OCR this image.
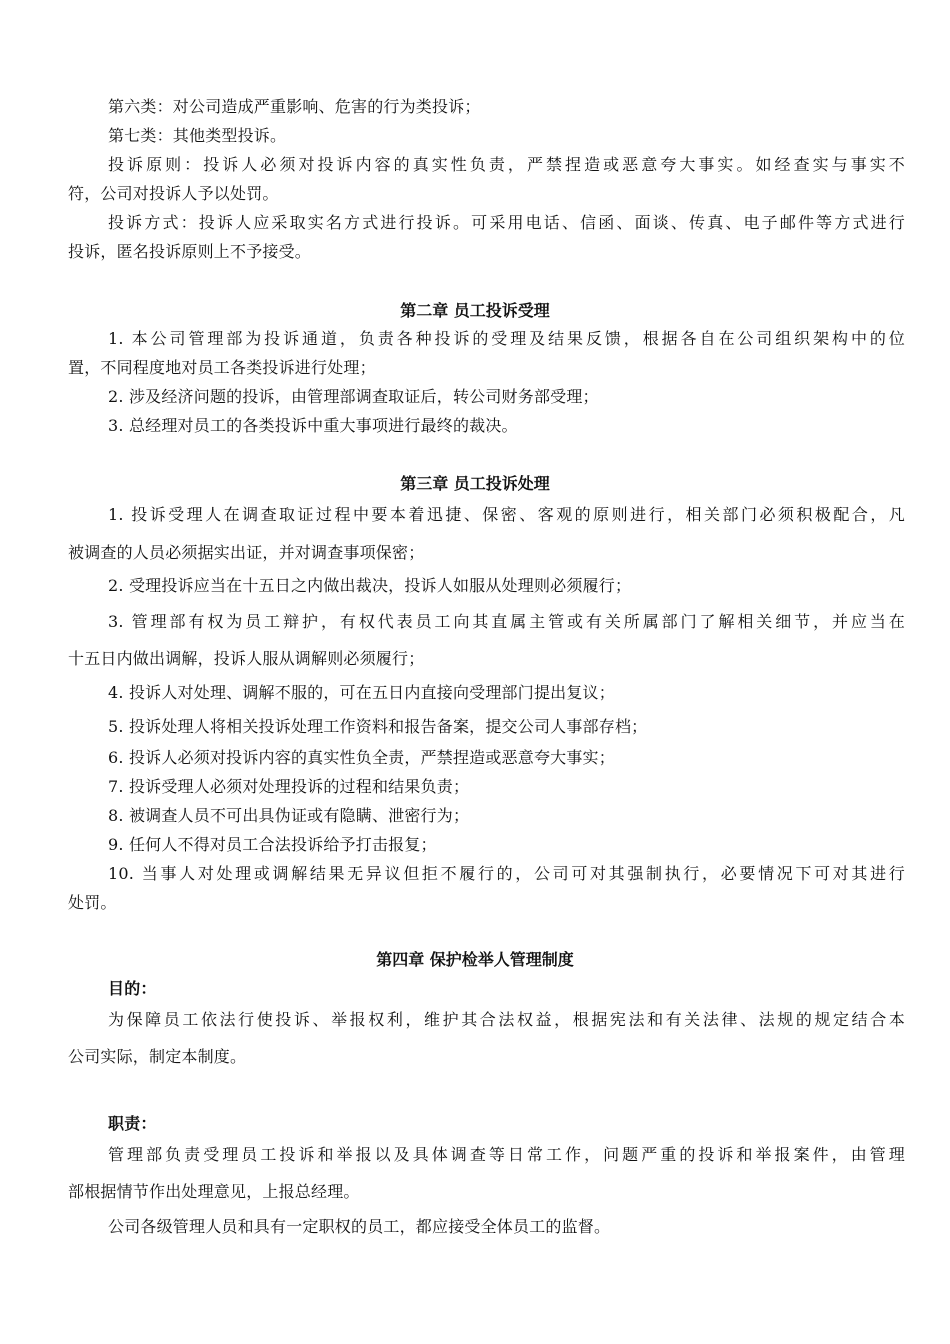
第六类：对公司造成严重影响、危害的行为类投诉；
第七类：其他类型投诉。
投诉原则：投诉人必须对投诉内容的真实性负责，严禁捏造或恶意夸大事实。如经查实与事实不
符，公司对投诉人予以处罚。
投诉方式：投诉人应采取实名方式进行投诉。可采用电话、信函、面谈、传真、电子邮件等方式进行
投诉，匿名投诉原则上不予接受。
第二章 员工投诉受理
1. 本公司管理部为投诉通道，负责各种投诉的受理及结果反馈，根据各自在公司组织架构中的位
置，不同程度地对员工各类投诉进行处理；
2. 涉及经济问题的投诉，由管理部调查取证后，转公司财务部受理；
3. 总经理对员工的各类投诉中重大事项进行最终的裁决。
第三章 员工投诉处理
1. 投诉受理人在调查取证过程中要本着迅捷、保密、客观的原则进行，相关部门必须积极配合，凡
被调查的人员必须据实出证，并对调查事项保密；
2. 受理投诉应当在十五日之内做出裁决，投诉人如服从处理则必须履行；
3. 管理部有权为员工辩护，有权代表员工向其直属主管或有关所属部门了解相关细节，并应当在
十五日内做出调解，投诉人服从调解则必须履行；
4. 投诉人对处理、调解不服的，可在五日内直接向受理部门提出复议；
5. 投诉处理人将相关投诉处理工作资料和报告备案，提交公司人事部存档；
6. 投诉人必须对投诉内容的真实性负全责，严禁捏造或恶意夸大事实；
7. 投诉受理人必须对处理投诉的过程和结果负责；
8. 被调查人员不可出具伪证或有隐瞒、泄密行为；
9. 任何人不得对员工合法投诉给予打击报复；
10. 当事人对处理或调解结果无异议但拒不履行的，公司可对其强制执行，必要情况下可对其进行
处罚。
第四章 保护检举人管理制度
目的：
为保障员工依法行使投诉、举报权利，维护其合法权益，根据宪法和有关法律、法规的规定结合本
公司实际，制定本制度。
职责：
管理部负责受理员工投诉和举报以及具体调查等日常工作，问题严重的投诉和举报案件，由管理
部根据情节作出处理意见，上报总经理。
公司各级管理人员和具有一定职权的员工，都应接受全体员工的监督。
